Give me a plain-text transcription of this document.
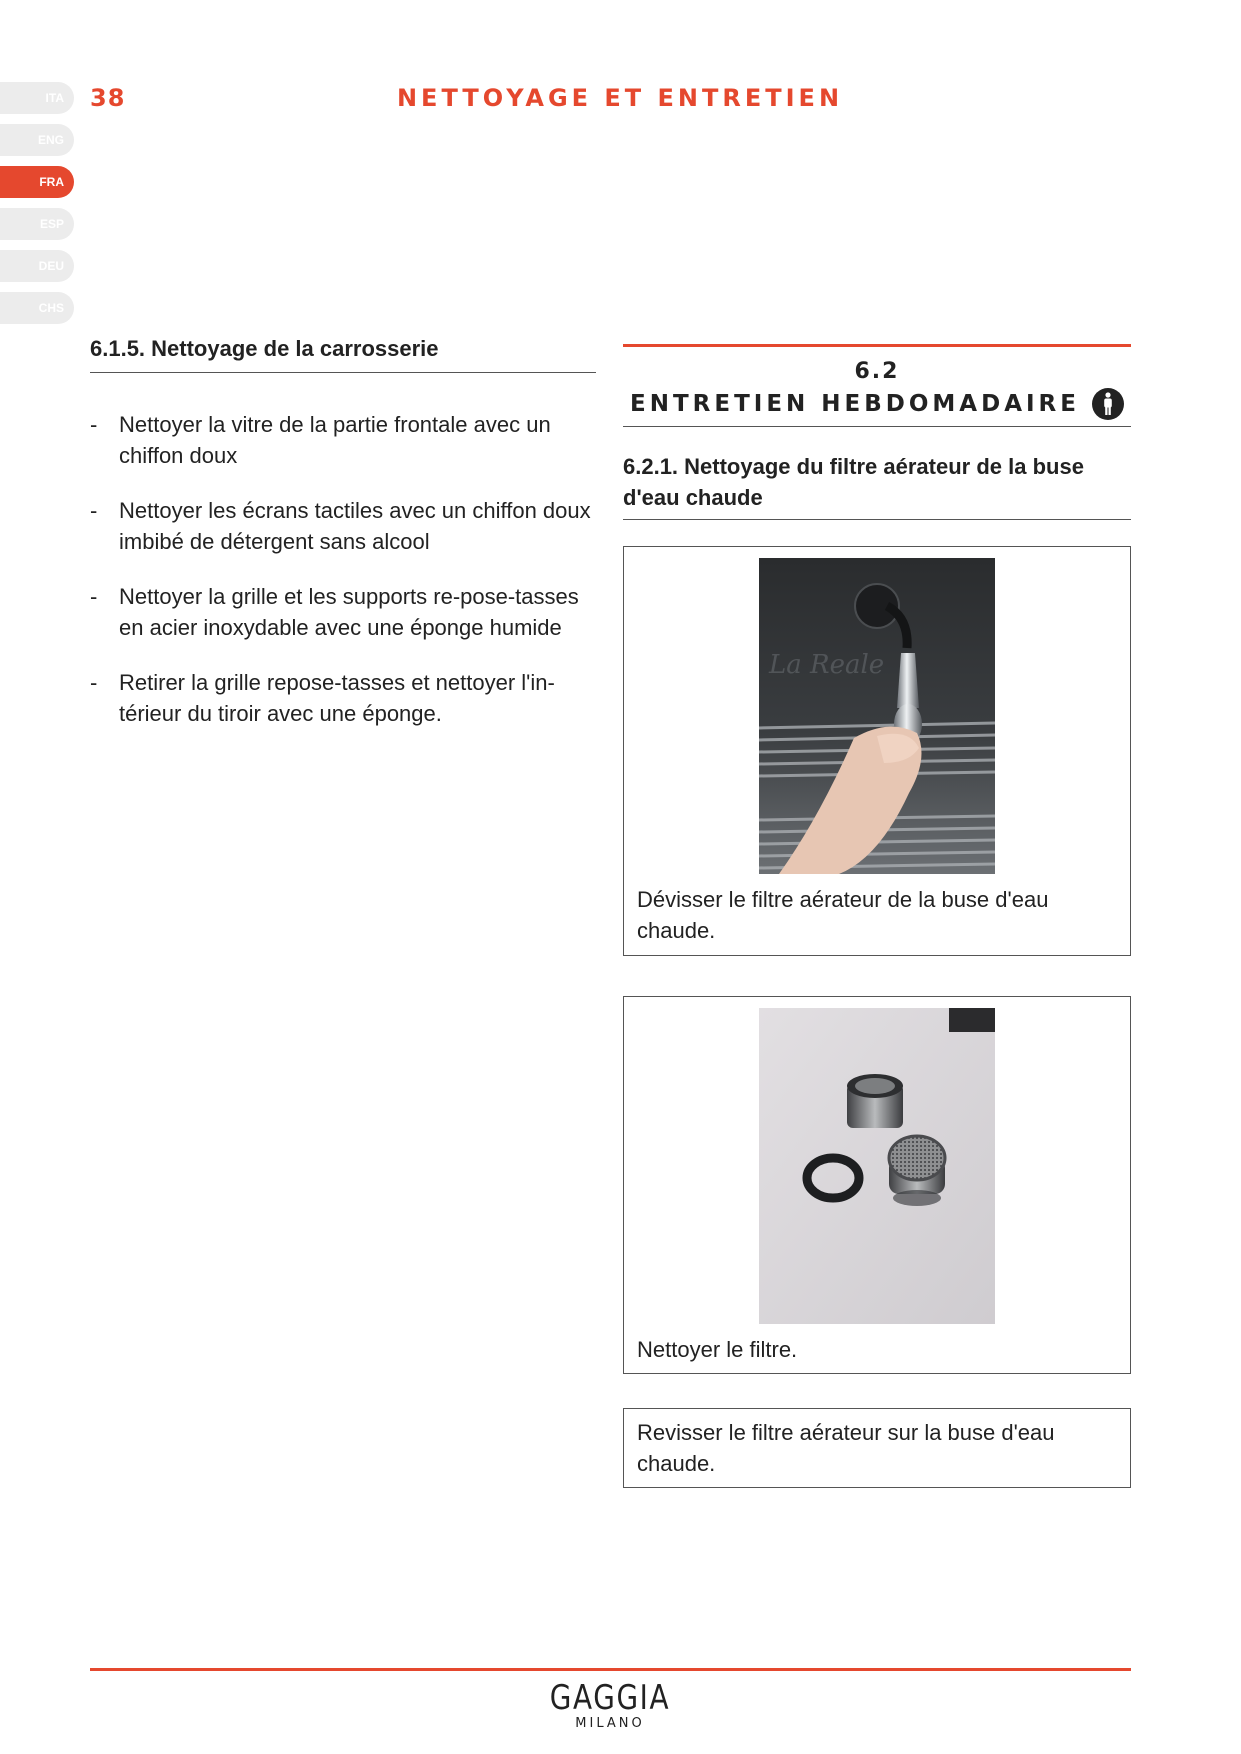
ITA
ENG
FRA
ESP
DEU
CHS
38	NETTOYAGE ET ENTRETIEN
6.1.5. Nettoyage de la carrosserie
- Nettoyer la vitre de la partie frontale avec un chiffon doux
- Nettoyer les écrans tactiles avec un chiffon doux imbibé de détergent sans alcool
- Nettoyer la grille et les supports re-pose-tasses en acier inoxydable avec une éponge humide
- Retirer la grille repose-tasses et nettoyer l'in-térieur du tiroir avec une éponge.
6.2
ENTRETIEN HEBDOMADAIRE
6.2.1. Nettoyage du filtre aérateur de la buse d'eau chaude
La Reale
Dévisser le filtre aérateur de la buse d'eau chaude.
Nettoyer le filtre.
Revisser le filtre aérateur sur la buse d'eau chaude.
GAGGIA
MILANO
